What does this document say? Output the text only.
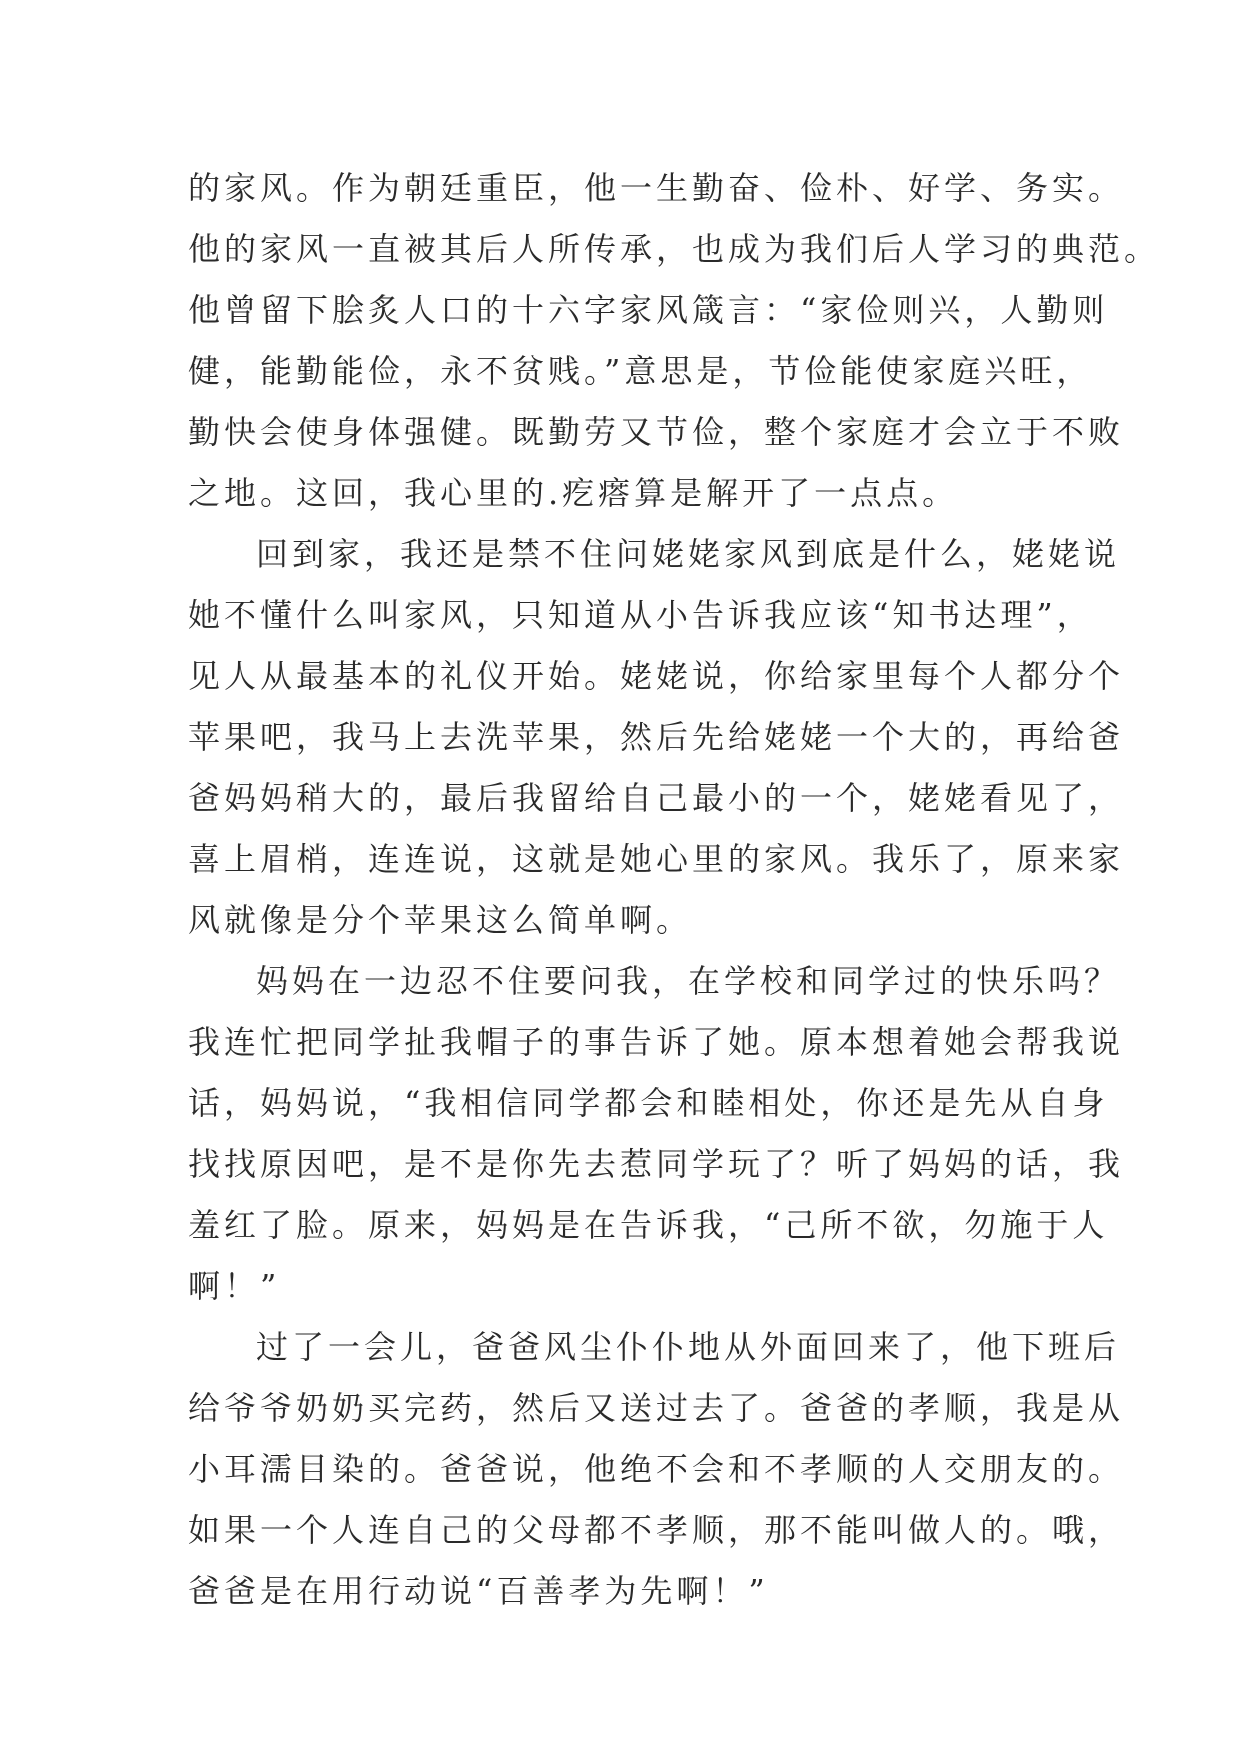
的家风。作为朝廷重臣，他一生勤奋、俭朴、好学、务实。
他的家风一直被其后人所传承，也成为我们后人学习的典范。
他曾留下脍炙人口的十六字家风箴言：“家俭则兴，人勤则
健，能勤能俭，永不贫贱。”意思是，节俭能使家庭兴旺，
勤快会使身体强健。既勤劳又节俭，整个家庭才会立于不败
之地。这回，我心里的.疙瘩算是解开了一点点。
回到家，我还是禁不住问姥姥家风到底是什么，姥姥说
她不懂什么叫家风，只知道从小告诉我应该“知书达理”，
见人从最基本的礼仪开始。姥姥说，你给家里每个人都分个
苹果吧，我马上去洗苹果，然后先给姥姥一个大的，再给爸
爸妈妈稍大的，最后我留给自己最小的一个，姥姥看见了，
喜上眉梢，连连说，这就是她心里的家风。我乐了，原来家
风就像是分个苹果这么简单啊。
妈妈在一边忍不住要问我，在学校和同学过的快乐吗？
我连忙把同学扯我帽子的事告诉了她。原本想着她会帮我说
话，妈妈说，“我相信同学都会和睦相处，你还是先从自身
找找原因吧，是不是你先去惹同学玩了？听了妈妈的话，我
羞红了脸。原来，妈妈是在告诉我，“己所不欲，勿施于人
啊！”
过了一会儿，爸爸风尘仆仆地从外面回来了，他下班后
给爷爷奶奶买完药，然后又送过去了。爸爸的孝顺，我是从
小耳濡目染的。爸爸说，他绝不会和不孝顺的人交朋友的。
如果一个人连自己的父母都不孝顺，那不能叫做人的。哦，
爸爸是在用行动说“百善孝为先啊！”
